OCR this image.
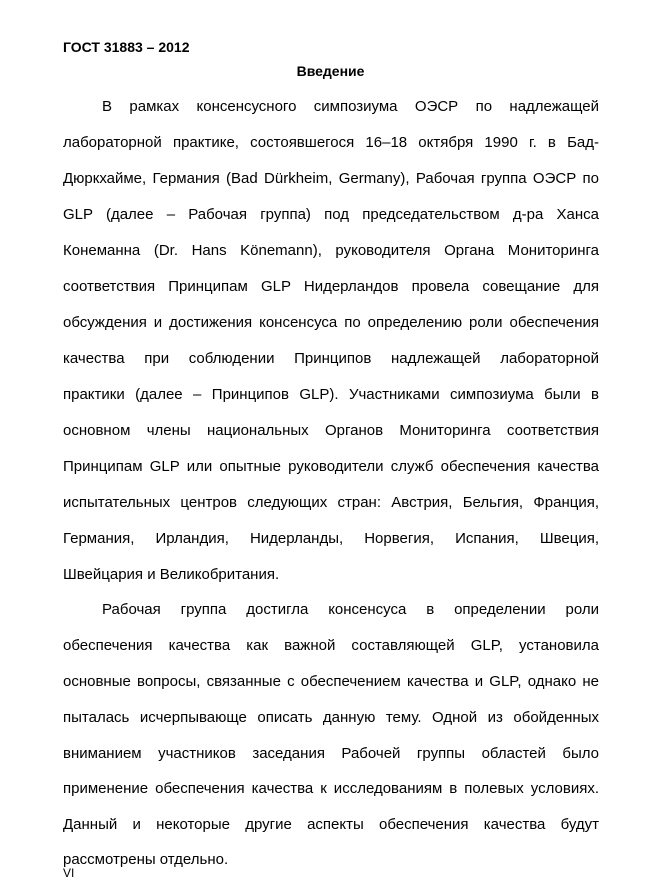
ГОСТ 31883 – 2012
Введение
В рамках консенсусного симпозиума ОЭСР по надлежащей
лабораторной практике, состоявшегося 16–18 октября 1990 г. в Бад-
Дюркхайме, Германия (Bad Dürkheim, Germany), Рабочая группа ОЭСР по
GLP (далее – Рабочая группа) под председательством д-ра Ханса
Конеманна (Dr. Hans Könemann), руководителя Органа Мониторинга
соответствия Принципам GLP Нидерландов провела совещание для
обсуждения и достижения консенсуса по определению роли обеспечения
качества при соблюдении Принципов надлежащей лабораторной
практики (далее – Принципов GLP). Участниками симпозиума были в
основном члены национальных Органов Мониторинга соответствия
Принципам GLP или опытные руководители служб обеспечения качества
испытательных центров следующих стран: Австрия, Бельгия, Франция,
Германия, Ирландия, Нидерланды, Норвегия, Испания, Швеция,
Швейцария и Великобритания.
Рабочая группа достигла консенсуса в определении роли
обеспечения качества как важной составляющей GLP, установила
основные вопросы, связанные с обеспечением качества и GLP, однако не
пыталась исчерпывающе описать данную тему. Одной из обойденных
вниманием участников заседания Рабочей группы областей было
применение обеспечения качества к исследованиям в полевых условиях.
Данный и некоторые другие аспекты обеспечения качества будут
рассмотрены отдельно.
VI
